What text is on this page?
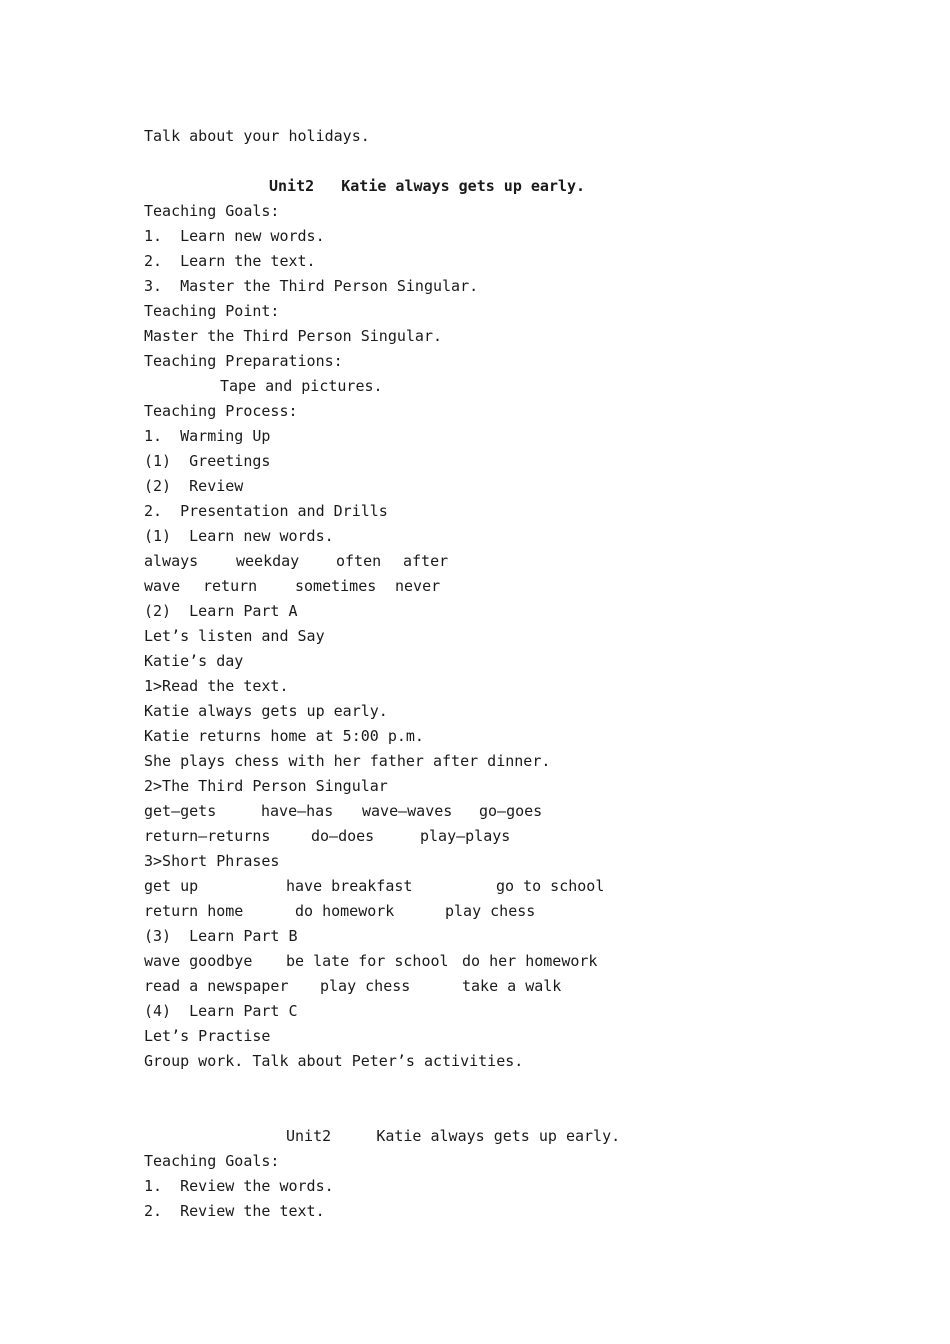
Talk about your holidays.
Unit2 Katie always gets up early.
Teaching Goals:
1.  Learn new words.
2.  Learn the text.
3.  Master the Third Person Singular.
Teaching Point:
Master the Third Person Singular.
Teaching Preparations:
Tape and pictures.
Teaching Process:
1.  Warming Up
(1)  Greetings
(2)  Review
2.  Presentation and Drills
(1)  Learn new words.
always	weekday often after
wave return	sometimes never
(2)  Learn Part A
Let’s listen and Say
Katie’s day
1>Read the text.
Katie always gets up early.
Katie returns home at 5:00 p.m.
She plays chess with her father after dinner.
2>The Third Person Singular
get—gets	have—has wave—waves go—goes
return—returns	do—does	play—plays
3>Short Phrases
get up	have breakfast	go to school
return home	do homework	play chess
(3)  Learn Part B
wave goodbye be late for school do her homework
read a newspaper play chess	take a walk
(4)  Learn Part C
Let’s Practise
Group work. Talk about Peter’s activities.
Unit2	Katie always gets up early.
Teaching Goals:
1.  Review the words.
2.  Review the text.
